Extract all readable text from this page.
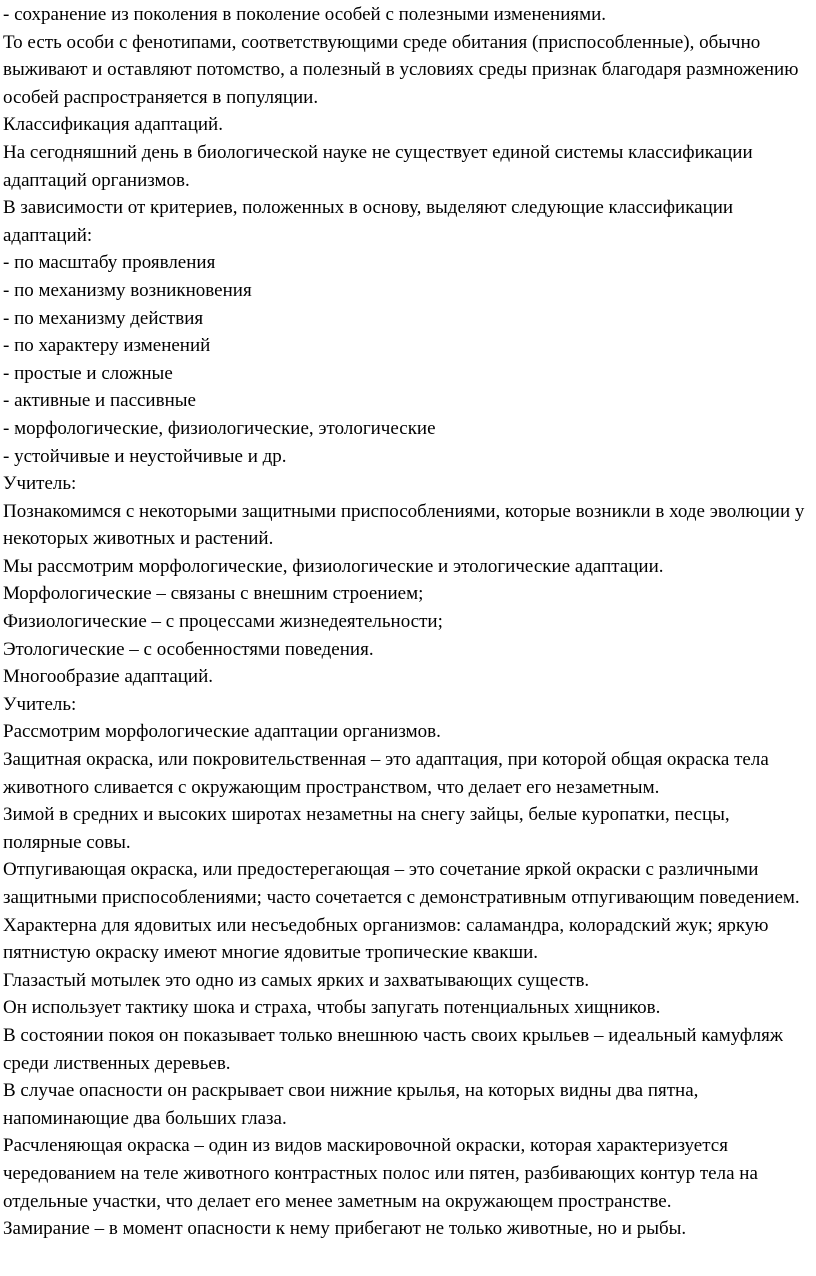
- сохранение из поколения в поколение особей с полезными изменениями.

То есть особи с фенотипами, соответствующими среде обитания (приспособленные), обычно выживают и оставляют потомство, а полезный в условиях среды признак благодаря размножению особей распространяется в популяции.

Классификация адаптаций.

На сегодняшний день в биологической науке не существует единой системы классификации адаптаций организмов.

В зависимости от критериев, положенных в основу, выделяют следующие классификации адаптаций:

- по масштабу проявления

- по механизму возникновения

- по механизму действия

- по характеру изменений

- простые и сложные

- активные и пассивные

- морфологические, физиологические, этологические

- устойчивые и неустойчивые и др.

Учитель:

Познакомимся с некоторыми защитными приспособлениями, которые возникли в ходе эволюции у некоторых животных и растений.

Мы рассмотрим морфологические, физиологические и этологические адаптации.

Морфологические – связаны с внешним строением;

Физиологические – с процессами жизнедеятельности;

Этологические – с особенностями поведения.

Многообразие адаптаций.

Учитель:

Рассмотрим морфологические адаптации организмов.

Защитная окраска, или покровительственная – это адаптация, при которой общая окраска тела животного сливается с окружающим пространством, что делает его незаметным.

Зимой в средних и высоких широтах незаметны на снегу зайцы, белые куропатки, песцы, полярные совы.

Отпугивающая окраска, или предостерегающая – это сочетание яркой окраски с различными защитными приспособлениями; часто сочетается с демонстративным отпугивающим поведением. Характерна для ядовитых или несъедобных организмов: саламандра, колорадский жук; яркую пятнистую окраску имеют многие ядовитые тропические квакши.

Глазастый мотылек это одно из самых ярких и захватывающих существ.

Он использует тактику шока и страха, чтобы запугать потенциальных хищников.

В состоянии покоя он показывает только внешнюю часть своих крыльев – идеальный камуфляж среди лиственных деревьев.

В случае опасности он раскрывает свои нижние крылья, на которых видны два пятна, напоминающие два больших глаза.

Расчленяющая окраска – один из видов маскировочной окраски, которая характеризуется чередованием на теле животного контрастных полос или пятен, разбивающих контур тела на отдельные участки, что делает его менее заметным на окружающем пространстве.

Замирание – в момент опасности к нему прибегают не только животные, но и рыбы.
